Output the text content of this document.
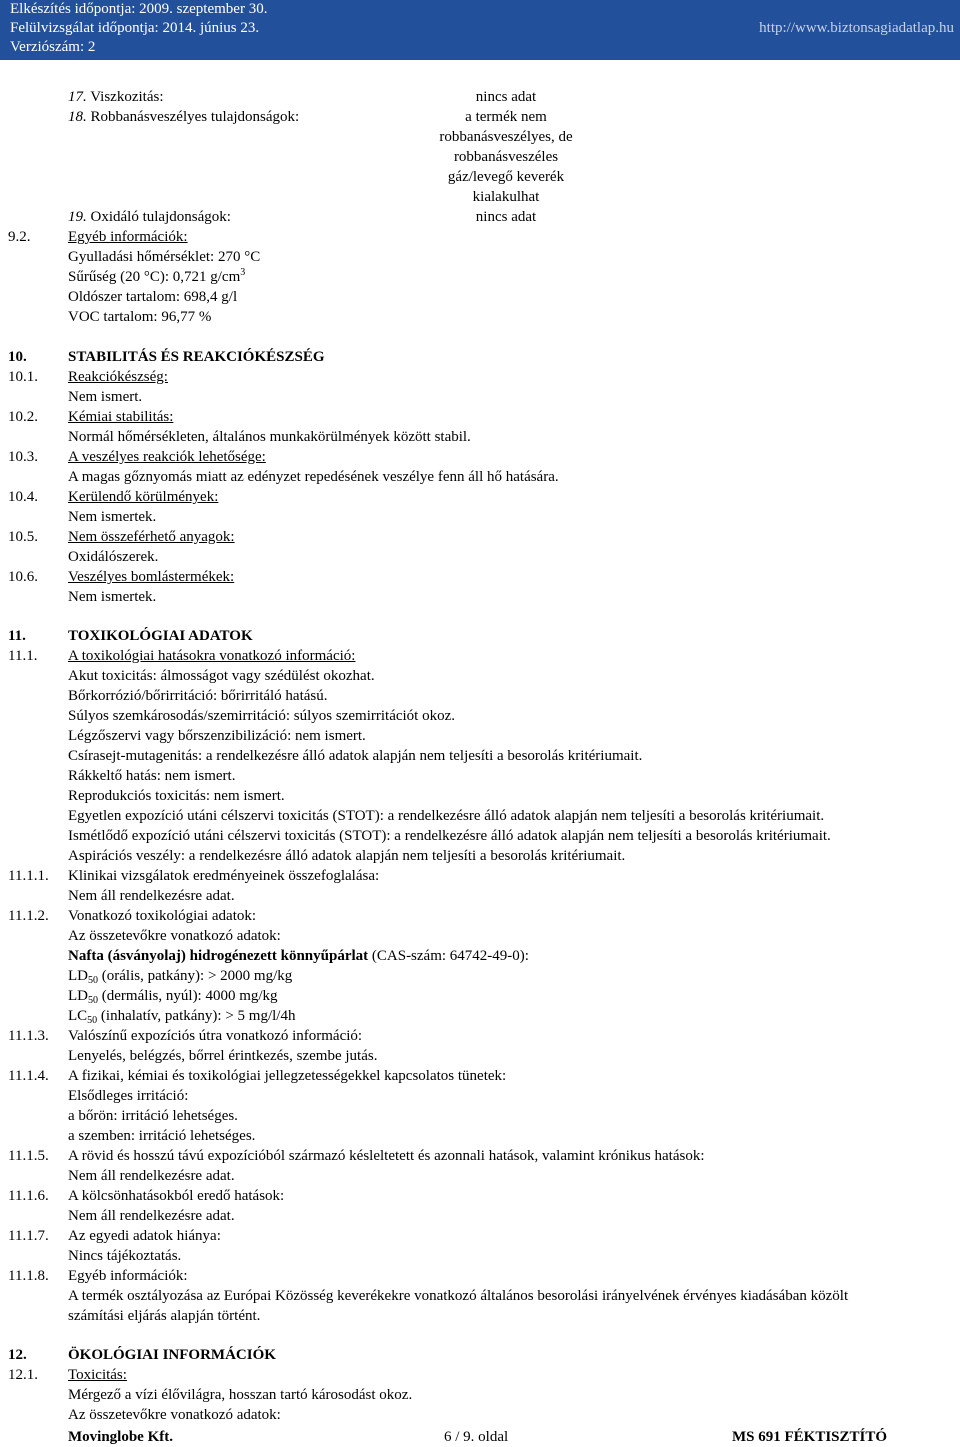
Elkészítés időpontja: 2009. szeptember 30.
Felülvizsgálat időpontja: 2014. június 23.
Verziószám: 2
http://www.biztonsagiadatlap.hu
17. Viszkozitás:	nincs adat
18. Robbanásveszélyes tulajdonságok:	a termék nem
robbanásveszélyes, de
robbanásveszéles
gáz/levegő keverék
kialakulhat
19. Oxidáló tulajdonságok:	nincs adat
9.2.	Egyéb információk:
Gyulladási hőmérséklet: 270 °C
Sűrűség (20 °C): 0,721 $g/cm^3$
Oldószer tartalom: 698,4 g/l
VOC tartalom: 96,77 %
10.	STABILITÁS ÉS REAKCIÓKÉSZSÉG
10.1. Reakciókészség:
Nem ismert.
10.2. Kémiai stabilitás:
Normál hőmérsékleten, általános munkakörülmények között stabil.
10.3. A veszélyes reakciók lehetősége:
A magas gőznyomás miatt az edényzet repedésének veszélye fenn áll hő hatására.
10.4. Kerülendő körülmények:
Nem ismertek.
10.5. Nem összeférhető anyagok:
Oxidálószerek.
10.6. Veszélyes bomlástermékek:
Nem ismertek.
11.	TOXIKOLÓGIAI ADATOK
11.1. A toxikológiai hatásokra vonatkozó információ:
Akut toxicitás: álmosságot vagy szédülést okozhat.
Bőrkorrózió/bőrirritáció: bőrirritáló hatású.
Súlyos szemkárosodás/szemirritáció: súlyos szemirritációt okoz.
Légzőszervi vagy bőrszenzibilizáció: nem ismert.
Csírasejt-mutagenitás: a rendelkezésre álló adatok alapján nem teljesíti a besorolás kritériumait.
Rákkeltő hatás: nem ismert.
Reprodukciós toxicitás: nem ismert.
Egyetlen expozíció utáni célszervi toxicitás (STOT): a rendelkezésre álló adatok alapján nem teljesíti a besorolás kritériumait.
Ismétlődő expozíció utáni célszervi toxicitás (STOT): a rendelkezésre álló adatok alapján nem teljesíti a besorolás kritériumait.
Aspirációs veszély: a rendelkezésre álló adatok alapján nem teljesíti a besorolás kritériumait.
11.1.1. Klinikai vizsgálatok eredményeinek összefoglalása:
Nem áll rendelkezésre adat.
11.1.2. Vonatkozó toxikológiai adatok:
Az összetevőkre vonatkozó adatok:
Nafta (ásványolaj) hidrogénezett könnyűpárlat (CAS-szám: 64742-49-0):
$LD_{50}$ (orális, patkány): > 2000 mg/kg
$LD_{50}$ (dermális, nyúl): 4000 mg/kg
$LC_{50}$ (inhalatív, patkány): > 5 mg/l/4h
11.1.3. Valószínű expozíciós útra vonatkozó információ:
Lenyelés, belégzés, bőrrel érintkezés, szembe jutás.
11.1.4. A fizikai, kémiai és toxikológiai jellegzetességekkel kapcsolatos tünetek:
Elsődleges irritáció:
a bőrön: irritáció lehetséges.
a szemben: irritáció lehetséges.
11.1.5. A rövid és hosszú távú expozícióból származó késleltetett és azonnali hatások, valamint krónikus hatások:
Nem áll rendelkezésre adat.
11.1.6. A kölcsönhatásokból eredő hatások:
Nem áll rendelkezésre adat.
11.1.7. Az egyedi adatok hiánya:
Nincs tájékoztatás.
11.1.8. Egyéb információk:
A termék osztályozása az Európai Közösség keverékekre vonatkozó általános besorolási irányelvének érvényes kiadásában közölt
számítási eljárás alapján történt.
12.	ÖKOLÓGIAI INFORMÁCIÓK
12.1. Toxicitás:
Mérgező a vízi élővilágra, hosszan tartó károsodást okoz.
Az összetevőkre vonatkozó adatok:
Movinglobe Kft.	6 / 9. oldal	MS 691 FÉKTISZTÍTÓ
